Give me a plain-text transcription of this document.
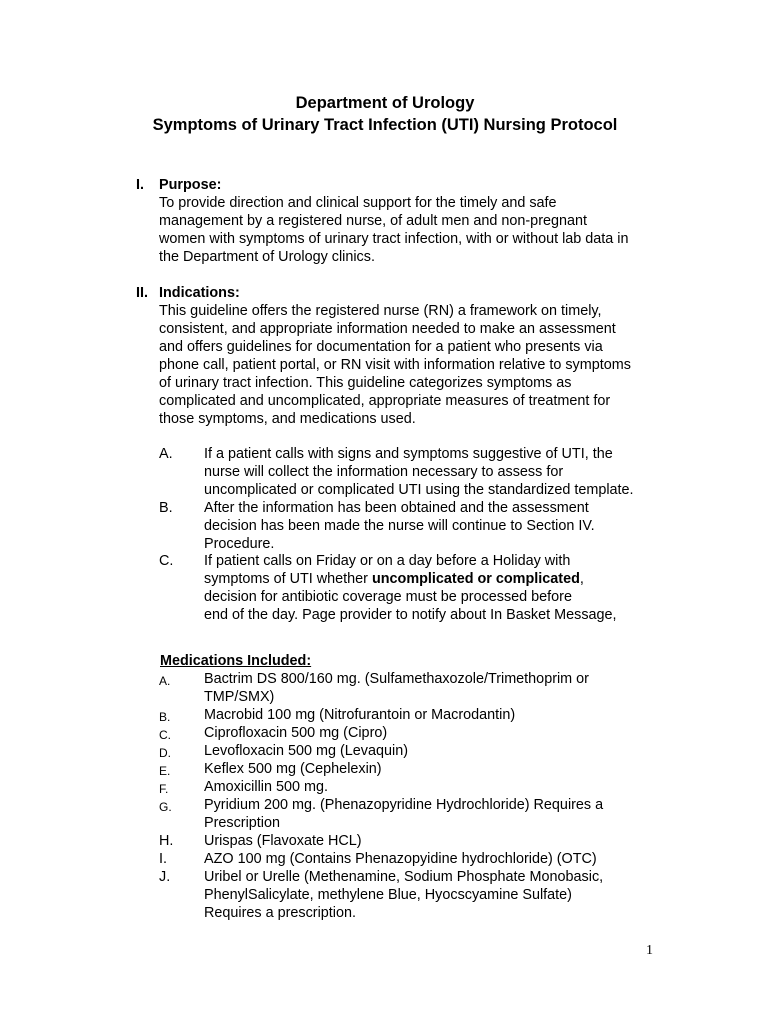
Department of Urology
Symptoms of Urinary Tract Infection (UTI) Nursing Protocol
I. Purpose:
To provide direction and clinical support for the timely and safe
management by a registered nurse, of adult men and non-pregnant
women with symptoms of urinary tract infection, with or without lab data in
the Department of Urology clinics.
II. Indications:
This guideline offers the registered nurse (RN) a framework on timely,
consistent, and appropriate information needed to make an assessment
and offers guidelines for documentation for a patient who presents via
phone call, patient portal, or RN visit with information relative to symptoms
of urinary tract infection. This guideline categorizes symptoms as
complicated and uncomplicated, appropriate measures of treatment for
those symptoms, and medications used.
A. If a patient calls with signs and symptoms suggestive of UTI, the
nurse will collect the information necessary to assess for
uncomplicated or complicated UTI using the standardized template.
B. After the information has been obtained and the assessment
decision has been made the nurse will continue to Section IV.
Procedure.
C. If patient calls on Friday or on a day before a Holiday with
symptoms of UTI whether uncomplicated or complicated,
decision for antibiotic coverage must be processed before
end of the day. Page provider to notify about In Basket Message,
Medications Included:
A. Bactrim DS 800/160 mg. (Sulfamethaxozole/Trimethoprim or
TMP/SMX)
B. Macrobid 100 mg (Nitrofurantoin or Macrodantin)
C. Ciprofloxacin 500 mg (Cipro)
D. Levofloxacin 500 mg (Levaquin)
E. Keflex 500 mg (Cephelexin)
F. Amoxicillin 500 mg.
G. Pyridium 200 mg. (Phenazopyridine Hydrochloride) Requires a
Prescription
H. Urispas (Flavoxate HCL)
I.	AZO 100 mg (Contains Phenazopyidine hydrochloride) (OTC)
J. Uribel or Urelle (Methenamine, Sodium Phosphate Monobasic,
PhenylSalicylate, methylene Blue, Hyocscyamine Sulfate)
Requires a prescription.
1
